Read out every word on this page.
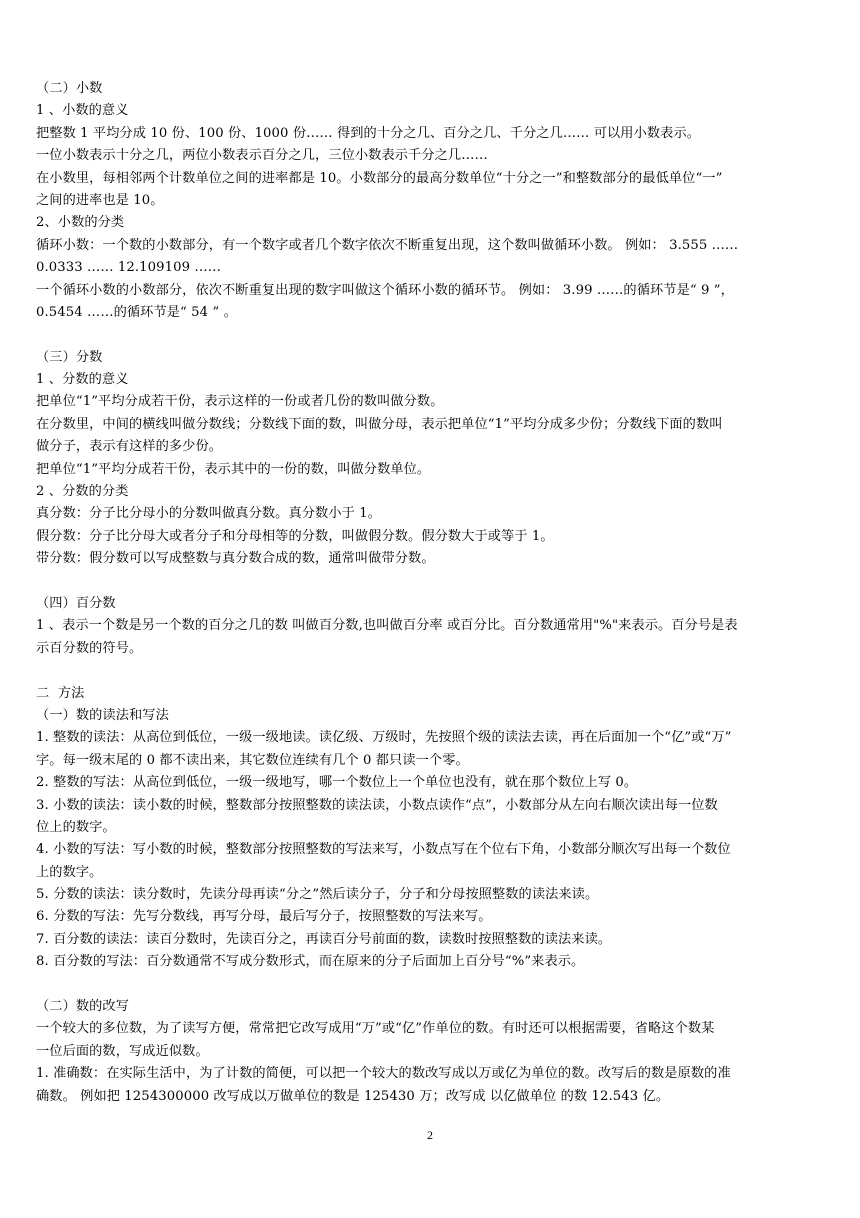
（二）小数
1 、小数的意义
把整数 1 平均分成 10 份、100 份、1000 份…… 得到的十分之几、百分之几、千分之几…… 可以用小数表示。
一位小数表示十分之几，两位小数表示百分之几，三位小数表示千分之几……
在小数里，每相邻两个计数单位之间的进率都是 10。小数部分的最高分数单位“十分之一”和整数部分的最低单位“一”
之间的进率也是 10。
2、小数的分类
循环小数：一个数的小数部分，有一个数字或者几个数字依次不断重复出现，这个数叫做循环小数。 例如： 3.555 ……
0.0333 …… 12.109109 ……
一个循环小数的小数部分，依次不断重复出现的数字叫做这个循环小数的循环节。 例如： 3.99 ……的循环节是“ 9 ”，
0.5454 ……的循环节是“ 54 ” 。
（三）分数
1 、分数的意义
把单位“1”平均分成若干份，表示这样的一份或者几份的数叫做分数。
在分数里，中间的横线叫做分数线；分数线下面的数，叫做分母，表示把单位“1”平均分成多少份；分数线下面的数叫
做分子，表示有这样的多少份。
把单位“1”平均分成若干份，表示其中的一份的数，叫做分数单位。
2 、分数的分类
真分数：分子比分母小的分数叫做真分数。真分数小于 1。
假分数：分子比分母大或者分子和分母相等的分数，叫做假分数。假分数大于或等于 1。
带分数：假分数可以写成整数与真分数合成的数，通常叫做带分数。
（四）百分数
1 、表示一个数是另一个数的百分之几的数 叫做百分数,也叫做百分率 或百分比。百分数通常用"%"来表示。百分号是表
示百分数的符号。
二  方法
（一）数的读法和写法
1. 整数的读法：从高位到低位，一级一级地读。读亿级、万级时，先按照个级的读法去读，再在后面加一个“亿”或“万”
字。每一级末尾的 0 都不读出来，其它数位连续有几个 0 都只读一个零。
2. 整数的写法：从高位到低位，一级一级地写，哪一个数位上一个单位也没有，就在那个数位上写 0。
3. 小数的读法：读小数的时候，整数部分按照整数的读法读，小数点读作“点”，小数部分从左向右顺次读出每一位数
位上的数字。
4. 小数的写法：写小数的时候，整数部分按照整数的写法来写，小数点写在个位右下角，小数部分顺次写出每一个数位
上的数字。
5. 分数的读法：读分数时，先读分母再读“分之”然后读分子，分子和分母按照整数的读法来读。
6. 分数的写法：先写分数线，再写分母，最后写分子，按照整数的写法来写。
7. 百分数的读法：读百分数时，先读百分之，再读百分号前面的数，读数时按照整数的读法来读。
8. 百分数的写法：百分数通常不写成分数形式，而在原来的分子后面加上百分号“%”来表示。
（二）数的改写
一个较大的多位数，为了读写方便，常常把它改写成用“万”或“亿”作单位的数。有时还可以根据需要，省略这个数某
一位后面的数，写成近似数。
1. 准确数：在实际生活中，为了计数的简便，可以把一个较大的数改写成以万或亿为单位的数。改写后的数是原数的准
确数。 例如把 1254300000 改写成以万做单位的数是 125430 万；改写成 以亿做单位 的数 12.543 亿。
2
